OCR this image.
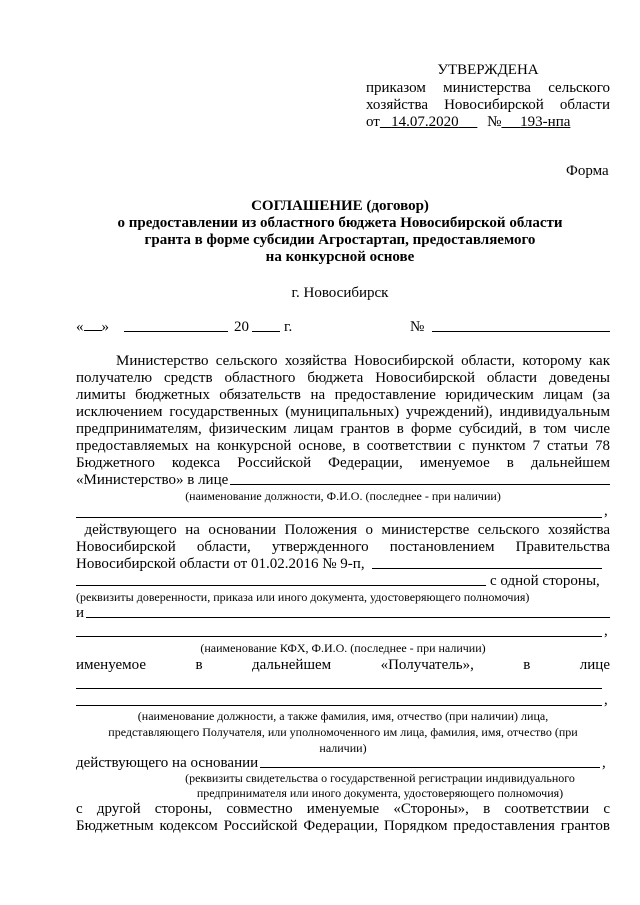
УТВЕРЖДЕНА
приказом министерства сельского
хозяйства Новосибирской области
от 14.07.2020 № 193-нпа
Форма
СОГЛАШЕНИЕ (договор)
о предоставлении из областного бюджета Новосибирской области
гранта в форме субсидии Агростартап, предоставляемого
на конкурсной основе
г. Новосибирск
« »	20 г.	№
Министерство сельского хозяйства Новосибирской области, которому как
получателю средств областного бюджета Новосибирской области доведены
лимиты бюджетных обязательств на предоставление юридическим лицам (за
исключением государственных (муниципальных) учреждений), индивидуальным
предпринимателям, физическим лицам грантов в форме субсидий, в том числе
предоставляемых на конкурсной основе, в соответствии с пунктом 7 статьи 78
Бюджетного кодекса Российской Федерации, именуемое в дальнейшем
«Министерство» в лице
(наименование должности, Ф.И.О. (последнее - при наличии)
,
действующего на основании Положения о министерстве сельского хозяйства
Новосибирской области, утвержденного постановлением Правительства
Новосибирской области от 01.02.2016 № 9-п,
с одной стороны,
(реквизиты доверенности, приказа или иного документа, удостоверяющего полномочия)
и
,
(наименование КФХ, Ф.И.О. (последнее - при наличии)
именуемое в дальнейшем «Получатель», в лице
,
(наименование должности, а также фамилия, имя, отчество (при наличии) лица,
представляющего Получателя, или уполномоченного им лица, фамилия, имя, отчество (при
наличии)
действующего на основании	,
(реквизиты свидетельства о государственной регистрации индивидуального
предпринимателя или иного документа, удостоверяющего полномочия)
с другой стороны, совместно именуемые «Стороны», в соответствии с
Бюджетным кодексом Российской Федерации, Порядком предоставления грантов
